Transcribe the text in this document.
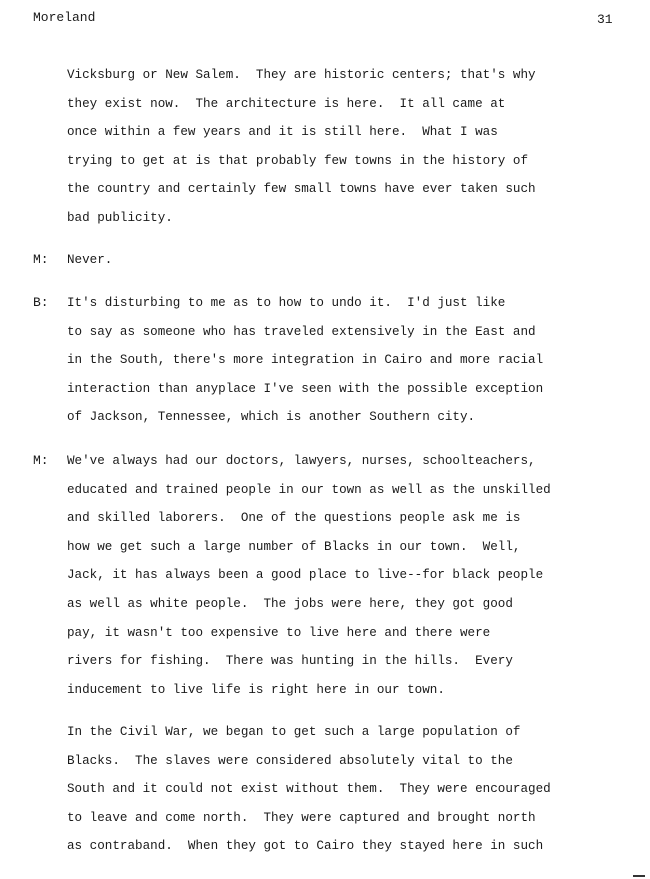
Moreland	31
Vicksburg or New Salem.  They are historic centers; that's why
they exist now.  The architecture is here.  It all came at
once within a few years and it is still here.  What I was
trying to get at is that probably few towns in the history of
the country and certainly few small towns have ever taken such
bad publicity.
M: Never.
B: It's disturbing to me as to how to undo it.  I'd just like
to say as someone who has traveled extensively in the East and
in the South, there's more integration in Cairo and more racial
interaction than anyplace I've seen with the possible exception
of Jackson, Tennessee, which is another Southern city.
M: We've always had our doctors, lawyers, nurses, schoolteachers,
educated and trained people in our town as well as the unskilled
and skilled laborers.  One of the questions people ask me is
how we get such a large number of Blacks in our town.  Well,
Jack, it has always been a good place to live--for black people
as well as white people.  The jobs were here, they got good
pay, it wasn't too expensive to live here and there were
rivers for fishing.  There was hunting in the hills.  Every
inducement to live life is right here in our town.
In the Civil War, we began to get such a large population of
Blacks.  The slaves were considered absolutely vital to the
South and it could not exist without them.  They were encouraged
to leave and come north.  They were captured and brought north
as contraband.  When they got to Cairo they stayed here in such
